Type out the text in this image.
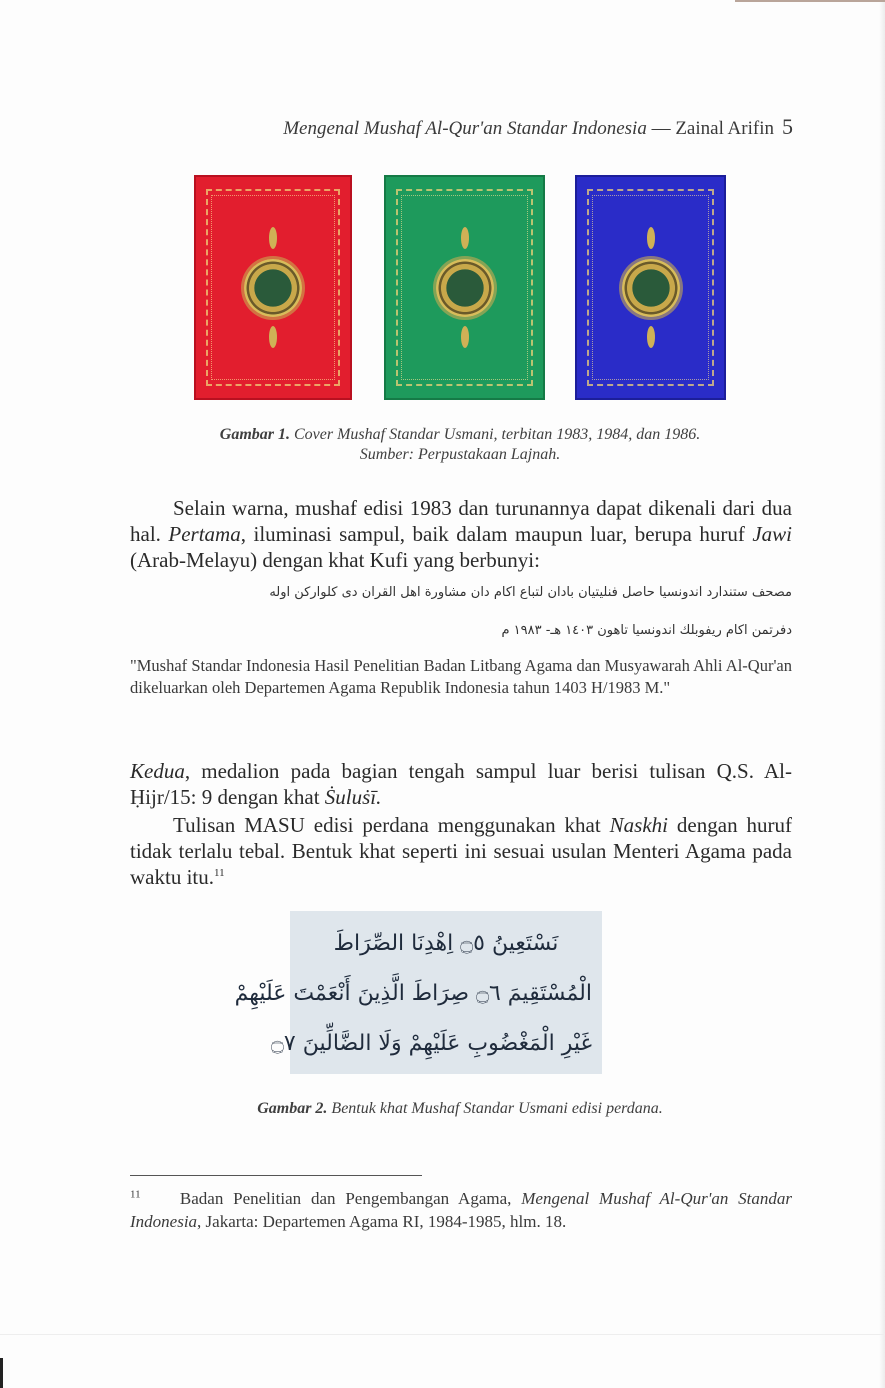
Mengenal Mushaf Al-Qur'an Standar Indonesia — Zainal Arifin 5
Gambar 1. Cover Mushaf Standar Usmani, terbitan 1983, 1984, dan 1986.
Sumber: Perpustakaan Lajnah.
Selain warna, mushaf edisi 1983 dan turunannya dapat dikenali dari dua hal. Pertama, iluminasi sampul, baik dalam maupun luar, berupa huruf Jawi (Arab-Melayu) dengan khat Kufi yang berbunyi:
مصحف ستندارد اندونسيا حاصل فنليتيان بادان لتباع اكام دان مشاورة اهل القران دى كلواركن اوله
دفرتمن اكام ريفوبلك اندونسيا تاهون ١٤٠٣ هـ- ١٩٨٣ م
"Mushaf Standar Indonesia Hasil Penelitian Badan Litbang Agama dan Musyawarah Ahli Al-Qur'an dikeluarkan oleh Departemen Agama Republik Indonesia tahun 1403 H/1983 M."
Kedua, medalion pada bagian tengah sampul luar berisi tulisan Q.S. Al-Ḥijr/15: 9 dengan khat Ṡuluṡī.
Tulisan MASU edisi perdana menggunakan khat Naskhi dengan huruf tidak terlalu tebal. Bentuk khat seperti ini sesuai usulan Menteri Agama pada waktu itu.$^{11}$
نَسْتَعِينُ ۝٥ اِهْدِنَا الصِّرَاطَ
الْمُسْتَقِيمَ ۝٦ صِرَاطَ الَّذِينَ أَنْعَمْتَ عَلَيْهِمْ
غَيْرِ الْمَغْضُوبِ عَلَيْهِمْ وَلَا الضَّالِّينَ ۝٧
Gambar 2. Bentuk khat Mushaf Standar Usmani edisi perdana.
$^{11}$ Badan Penelitian dan Pengembangan Agama, Mengenal Mushaf Al-Qur'an Standar Indonesia, Jakarta: Departemen Agama RI, 1984-1985, hlm. 18.
